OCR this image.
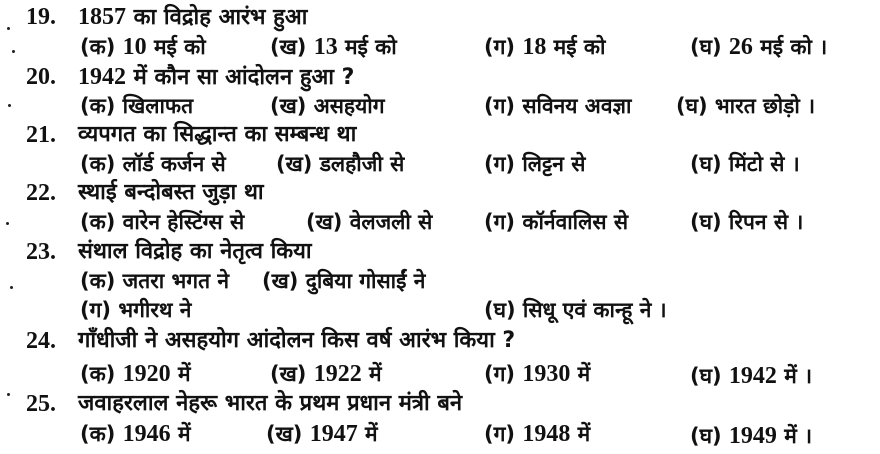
19. 1857 का विद्रोह आरंभ हुआ
(क) 10 मई को	(ख) 13 मई को	(ग) 18 मई को	(घ) 26 मई को ।
20. 1942 में कौन सा आंदोलन हुआ ?
(क) खिलाफत	(ख) असहयोग	(ग) सविनय अवज्ञा (घ) भारत छोड़ो ।
21.	व्यपगत का सिद्धान्त का सम्बन्ध था
(क) लॉर्ड कर्जन से (ख) डलहौजी से	(ग) लिट्टन से	(घ) मिंटो से ।
22.	स्थाई बन्दोबस्त जुड़ा था
(क) वारेन हेस्टिंग्स से	(ख) वेलजली से (ग) कॉर्नवालिस से	(घ) रिपन से ।
23.	संथाल विद्रोह का नेतृत्व किया
(क) जतरा भगत ने (ख) दुबिया गोसाईं ने
(ग) भगीरथ ने	(घ) सिधू एवं कान्हू ने ।
24.	गाँधीजी ने असहयोग आंदोलन किस वर्ष आरंभ किया ?
(क) 1920 में	(ख) 1922 में	(ग) 1930 में	(घ) 1942 में ।
25.	जवाहरलाल नेहरू भारत के प्रथम प्रधान मंत्री बने
(क) 1946 में	(ख) 1947 में	(ग) 1948 में	(घ) 1949 में ।
